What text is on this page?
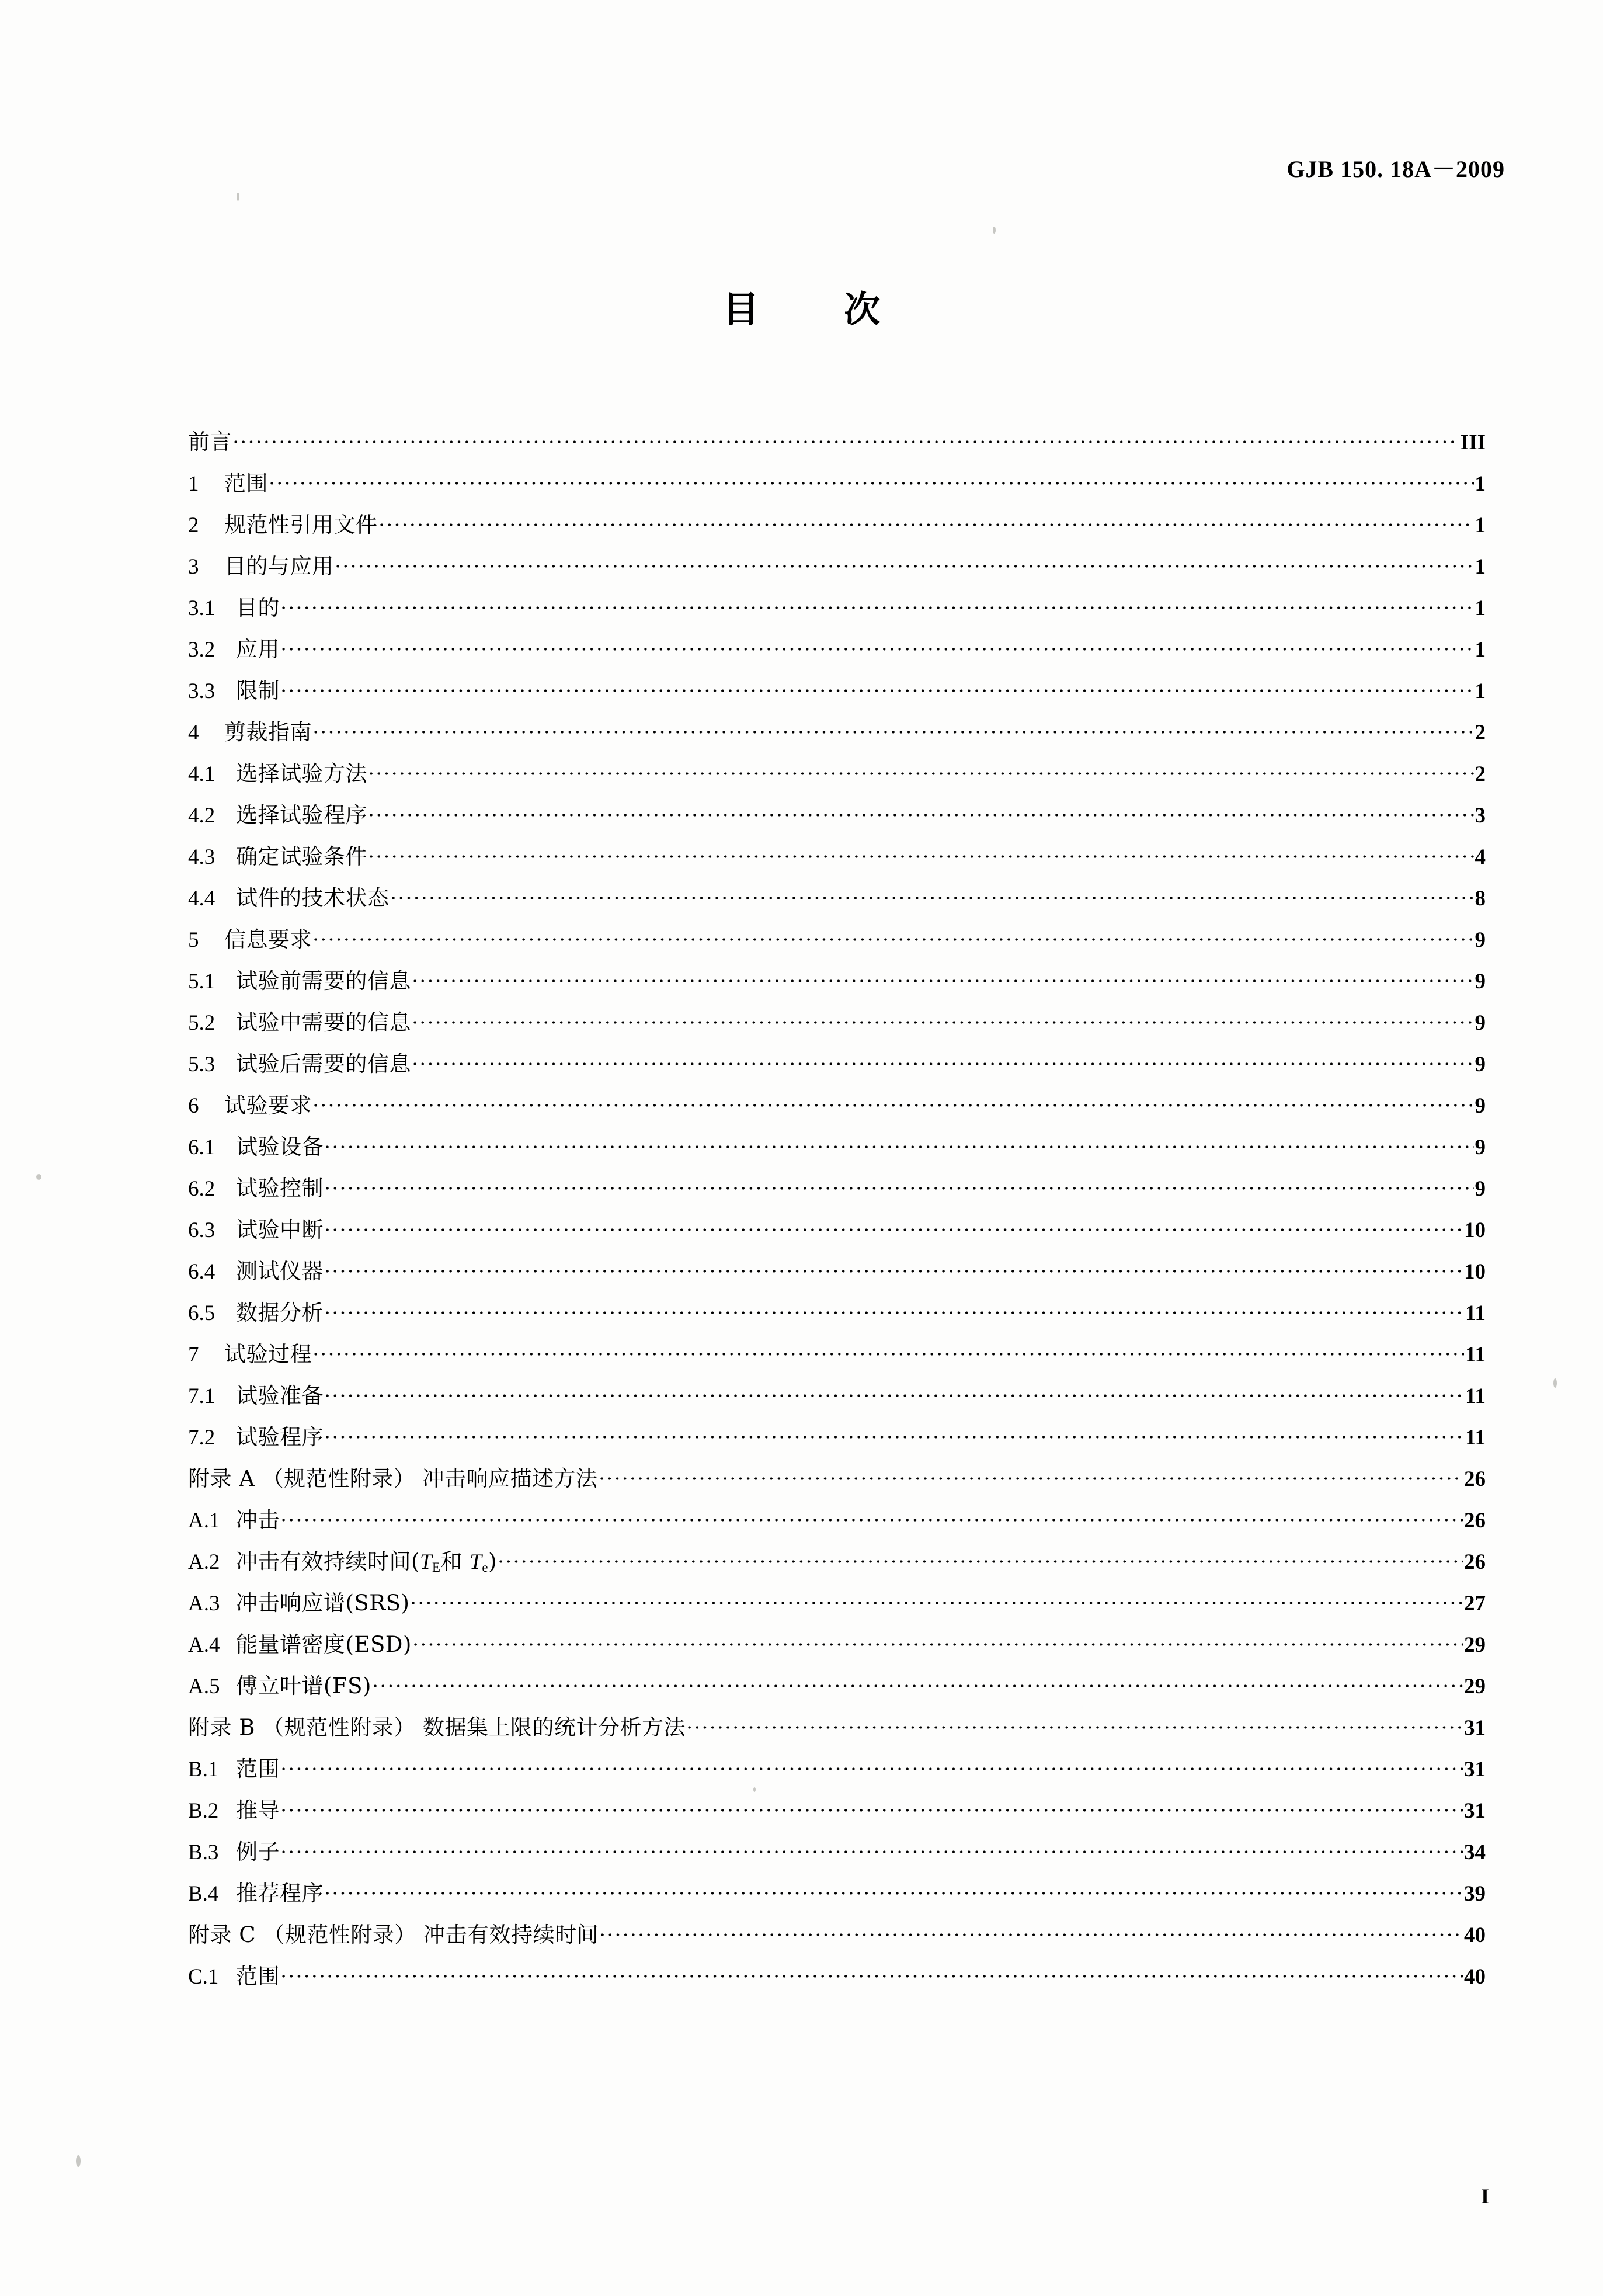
GJB 150. 18A－2009
目 次
前言	III
1	范围	1
2	规范性引用文件	1
3	目的与应用	1
3.1 目的	1
3.2 应用	1
3.3 限制	1
4	剪裁指南	2
4.1 选择试验方法	2
4.2 选择试验程序	3
4.3 确定试验条件	4
4.4 试件的技术状态	8
5	信息要求	9
5.1 试验前需要的信息	9
5.2 试验中需要的信息	9
5.3 试验后需要的信息	9
6	试验要求	9
6.1 试验设备	9
6.2 试验控制	9
6.3 试验中断	10
6.4 测试仪器	10
6.5 数据分析	11
7	试验过程	11
7.1 试验准备	11
7.2 试验程序	11
附录 A （规范性附录） 冲击响应描述方法	26
A.1 冲击	26
A.2 冲击有效持续时间($T_E$和 $T_e$)	26
A.3 冲击响应谱(SRS)	27
A.4 能量谱密度(ESD)	29
A.5 傅立叶谱(FS)	29
附录 B （规范性附录） 数据集上限的统计分析方法	31
B.1 范围	31
B.2 推导	31
B.3 例子	34
B.4 推荐程序	39
附录 C （规范性附录） 冲击有效持续时间	40
C.1 范围	40
I
